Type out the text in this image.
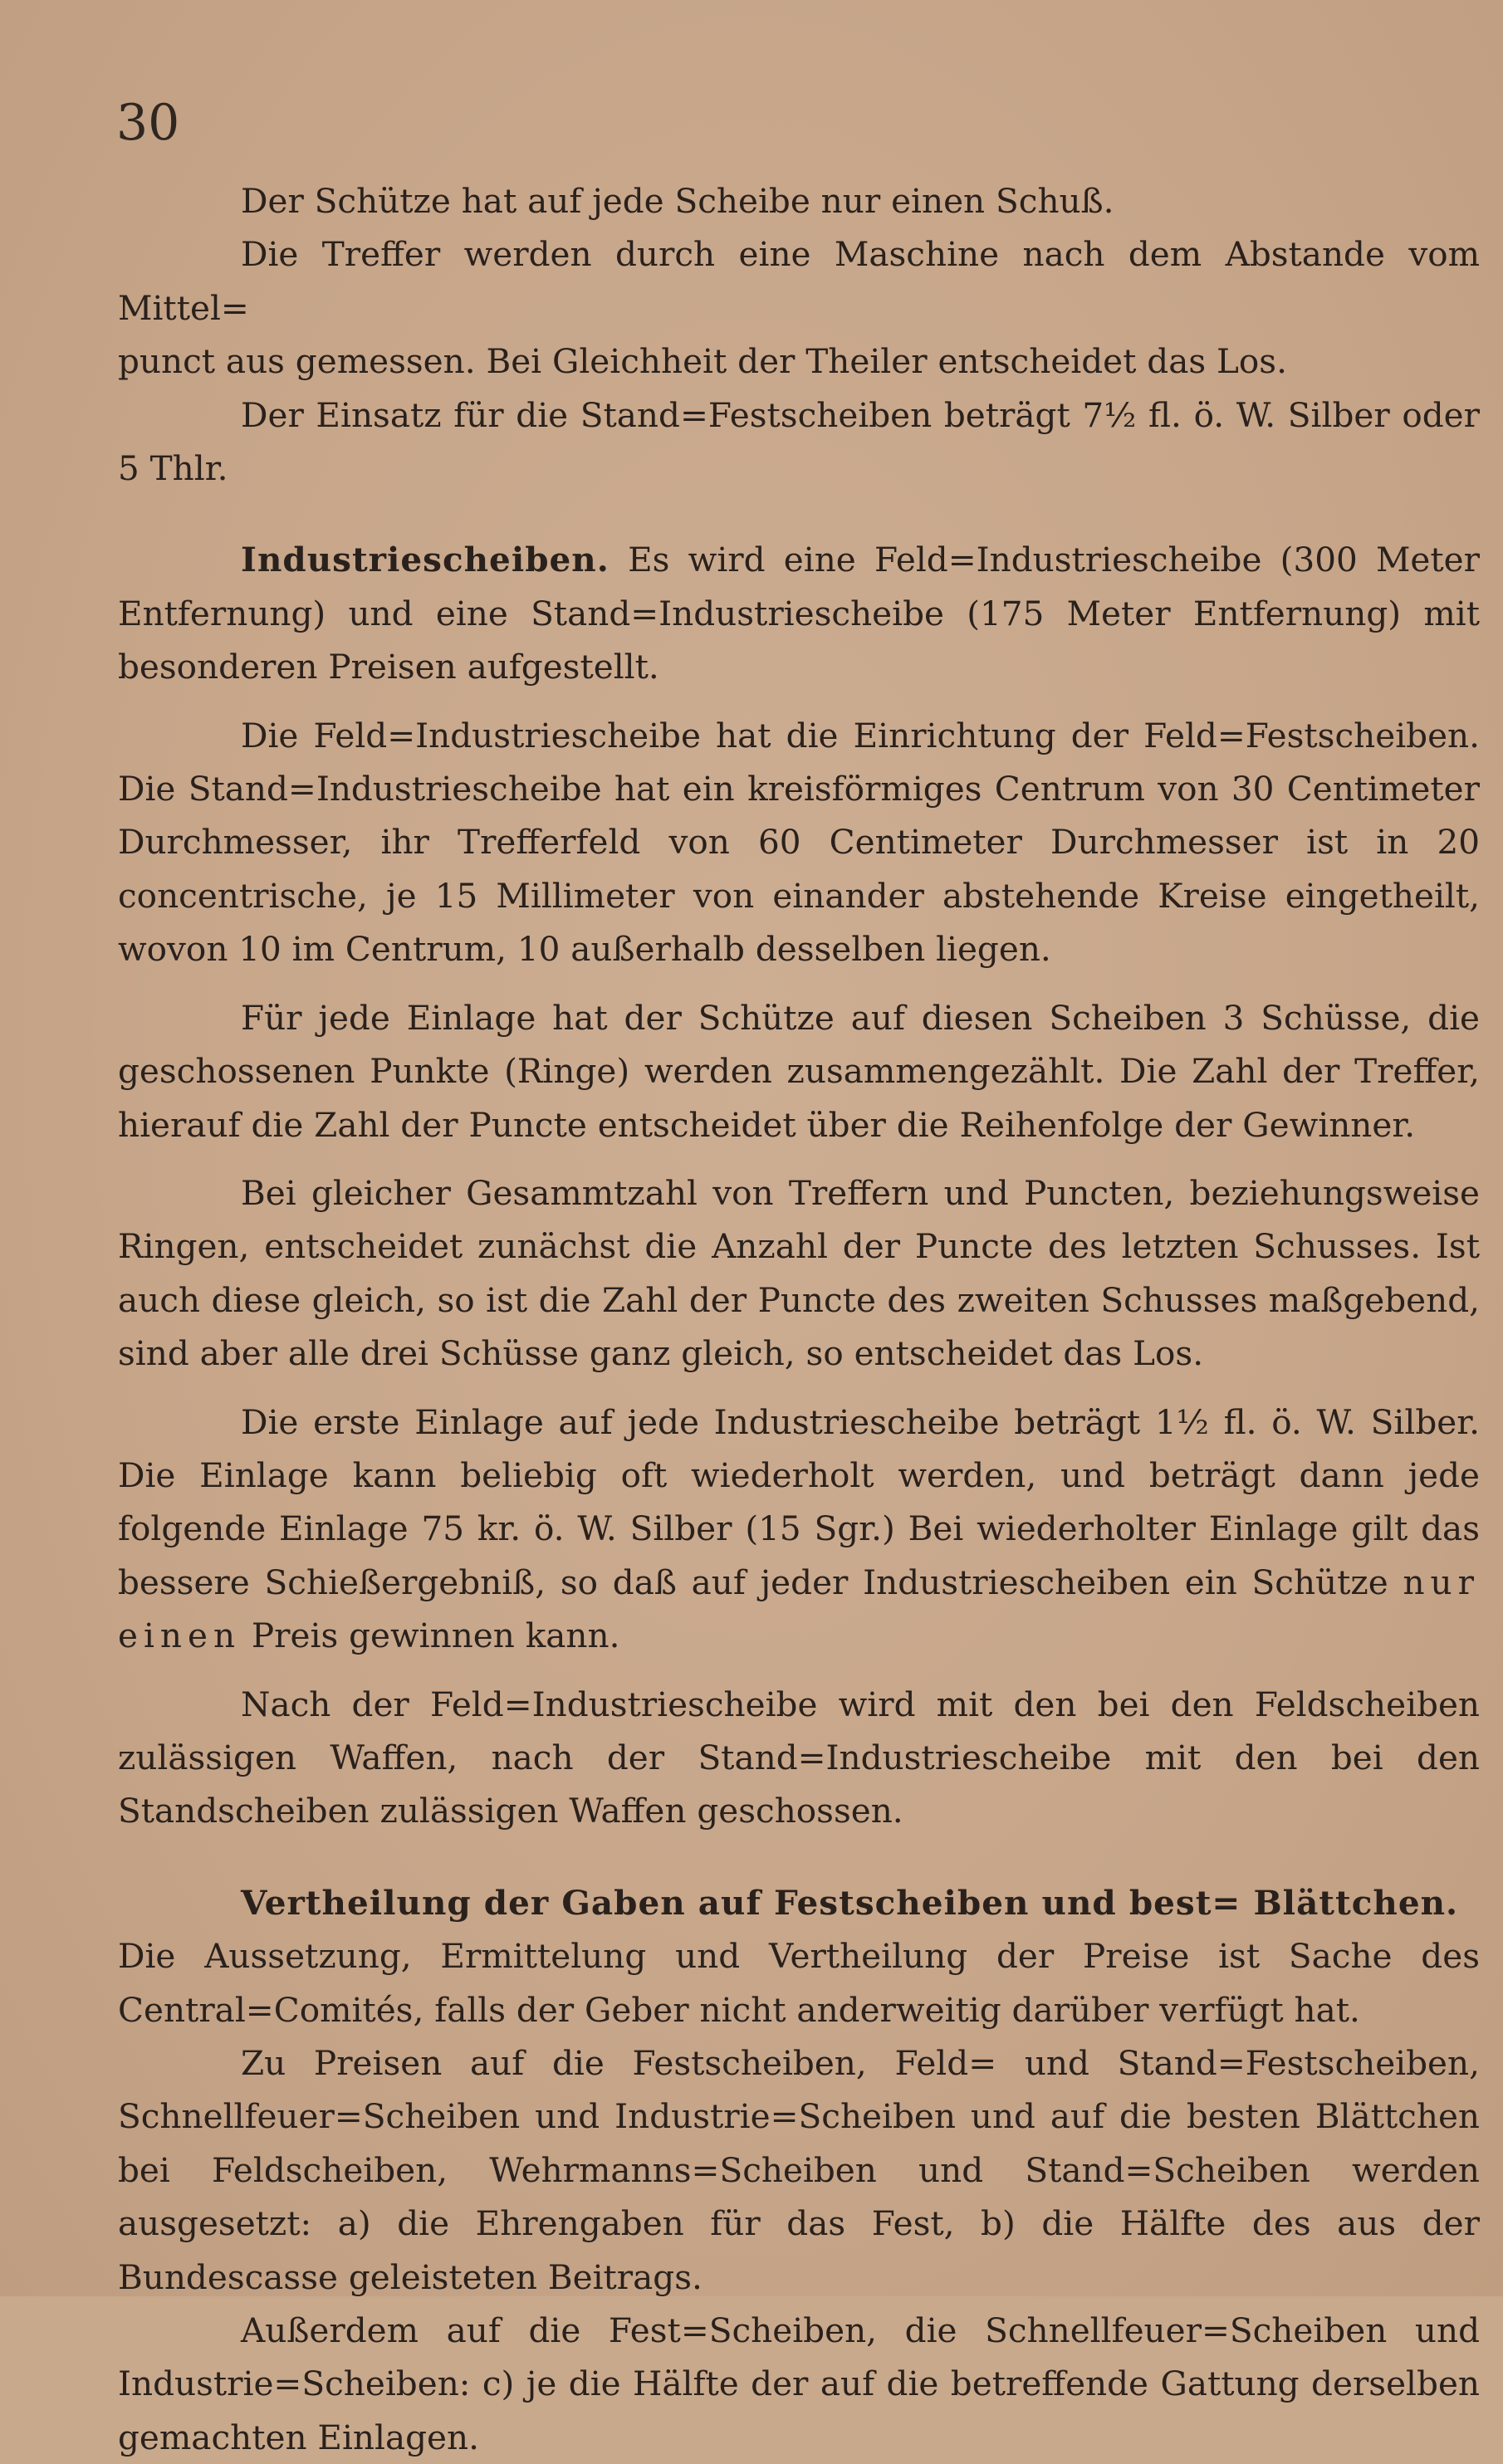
30

Der Schütze hat auf jede Scheibe nur einen Schuß.

Die Treffer werden durch eine Maschine nach dem Abstande vom Mittel=

punct aus gemessen. Bei Gleichheit der Theiler entscheidet das Los.

Der Einsatz für die Stand=Festscheiben beträgt 7½ fl. ö. W. Silber oder 5 Thlr.

Industriescheiben. Es wird eine Feld=Industriescheibe (300 Meter Entfernung) und eine Stand=Industriescheibe (175 Meter Entfernung) mit besonderen Preisen aufgestellt.

Die Feld=Industriescheibe hat die Einrichtung der Feld=Festscheiben. Die Stand=Industriescheibe hat ein kreisförmiges Centrum von 30 Centimeter Durchmesser, ihr Trefferfeld von 60 Centimeter Durchmesser ist in 20 concentrische, je 15 Millimeter von einander abstehende Kreise eingetheilt, wovon 10 im Centrum, 10 außerhalb desselben liegen.

Für jede Einlage hat der Schütze auf diesen Scheiben 3 Schüsse, die geschossenen Punkte (Ringe) werden zusammengezählt. Die Zahl der Treffer, hierauf die Zahl der Puncte entscheidet über die Reihenfolge der Gewinner.

Bei gleicher Gesammtzahl von Treffern und Puncten, beziehungsweise Ringen, entscheidet zunächst die Anzahl der Puncte des letzten Schusses. Ist auch diese gleich, so ist die Zahl der Puncte des zweiten Schusses maßgebend, sind aber alle drei Schüsse ganz gleich, so entscheidet das Los.

Die erste Einlage auf jede Industriescheibe beträgt 1½ fl. ö. W. Silber. Die Einlage kann beliebig oft wiederholt werden, und beträgt dann jede folgende Einlage 75 kr. ö. W. Silber (15 Sgr.) Bei wiederholter Einlage gilt das bessere Schießergebniß, so daß auf jeder Industriescheiben ein Schütze nur einen Preis gewinnen kann.

Nach der Feld=Industriescheibe wird mit den bei den Feldscheiben zulässigen Waffen, nach der Stand=Industriescheibe mit den bei den Standscheiben zulässigen Waffen geschossen.

Vertheilung der Gaben auf Festscheiben und best= Blättchen.

Die Aussetzung, Ermittelung und Vertheilung der Preise ist Sache des Central=Comités, falls der Geber nicht anderweitig darüber verfügt hat.

Zu Preisen auf die Festscheiben, Feld= und Stand=Festscheiben, Schnellfeuer=Scheiben und Industrie=Scheiben und auf die besten Blättchen bei Feldscheiben, Wehrmanns=Scheiben und Stand=Scheiben werden ausgesetzt: a) die Ehrengaben für das Fest, b) die Hälfte des aus der Bundescasse geleisteten Beitrags.

Außerdem auf die Fest=Scheiben, die Schnellfeuer=Scheiben und Industrie=Scheiben: c) je die Hälfte der auf die betreffende Gattung derselben gemachten Einlagen.
